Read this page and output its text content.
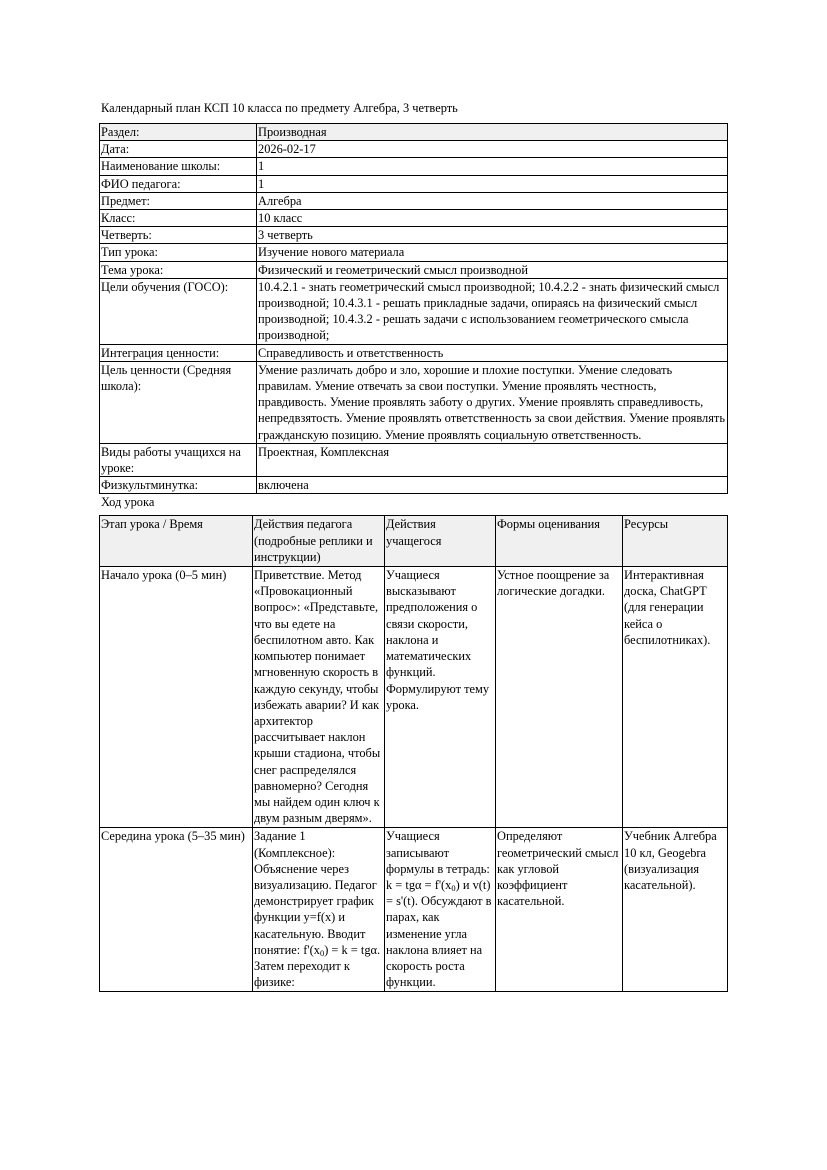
Календарный план КСП 10 класса по предмету Алгебра, 3 четверть
Раздел:	Производная
Дата:	2026-02-17
Наименование школы:	1
ФИО педагога:	1
Предмет:	Алгебра
Класс:	10 класс
Четверть:	3 четверть
Тип урока:	Изучение нового материала
Тема урока:	Физический и геометрический смысл производной
Цели обучения (ГОСО):	10.4.2.1 - знать геометрический смысл производной; 10.4.2.2 - знать физический смысл производной; 10.4.3.1 - решать прикладные задачи, опираясь на физический смысл производной; 10.4.3.2 - решать задачи с использованием геометрического смысла производной;
Интеграция ценности:	Справедливость и ответственность
Цель ценности (Средняя школа):	Умение различать добро и зло, хорошие и плохие поступки. Умение следовать правилам. Умение отвечать за свои поступки. Умение проявлять честность, правдивость. Умение проявлять заботу о других. Умение проявлять справедливость, непредвзятость. Умение проявлять ответственность за свои действия. Умение проявлять гражданскую позицию. Умение проявлять социальную ответственность.
Виды работы учащихся на уроке:	Проектная, Комплексная
Физкультминутка:	включена
Ход урока
Этап урока / Время	Действия педагога (подробные реплики и инструкции)	Действия учащегося	Формы оценивания	Ресурсы
Начало урока (0–5 мин)	Приветствие. Метод «Провокационный вопрос»: «Представьте, что вы едете на беспилотном авто. Как компьютер понимает мгновенную скорость в каждую секунду, чтобы избежать аварии? И как архитектор рассчитывает наклон крыши стадиона, чтобы снег распределялся равномерно? Сегодня мы найдем один ключ к двум разным дверям».	Учащиеся высказывают предположения о связи скорости, наклона и математических функций. Формулируют тему урока.	Устное поощрение за логические догадки.	Интерактивная доска, ChatGPT (для генерации кейса о беспилотниках).
Середина урока (5–35 мин)	Задание 1 (Комплексное): Объяснение через визуализацию. Педагог демонстрирует график функции y=f(x) и касательную. Вводит понятие: $f'(x_0) = k = tg\alpha$. Затем переходит к физике:	Учащиеся записывают формулы в тетрадь: $k = tg\alpha = f'(x_0)$ и v(t) = s'(t). Обсуждают в парах, как изменение угла наклона влияет на скорость роста функции.	Определяют геометрический смысл как угловой коэффициент касательной.	Учебник Алгебра 10 кл, Geogebra (визуализация касательной).
